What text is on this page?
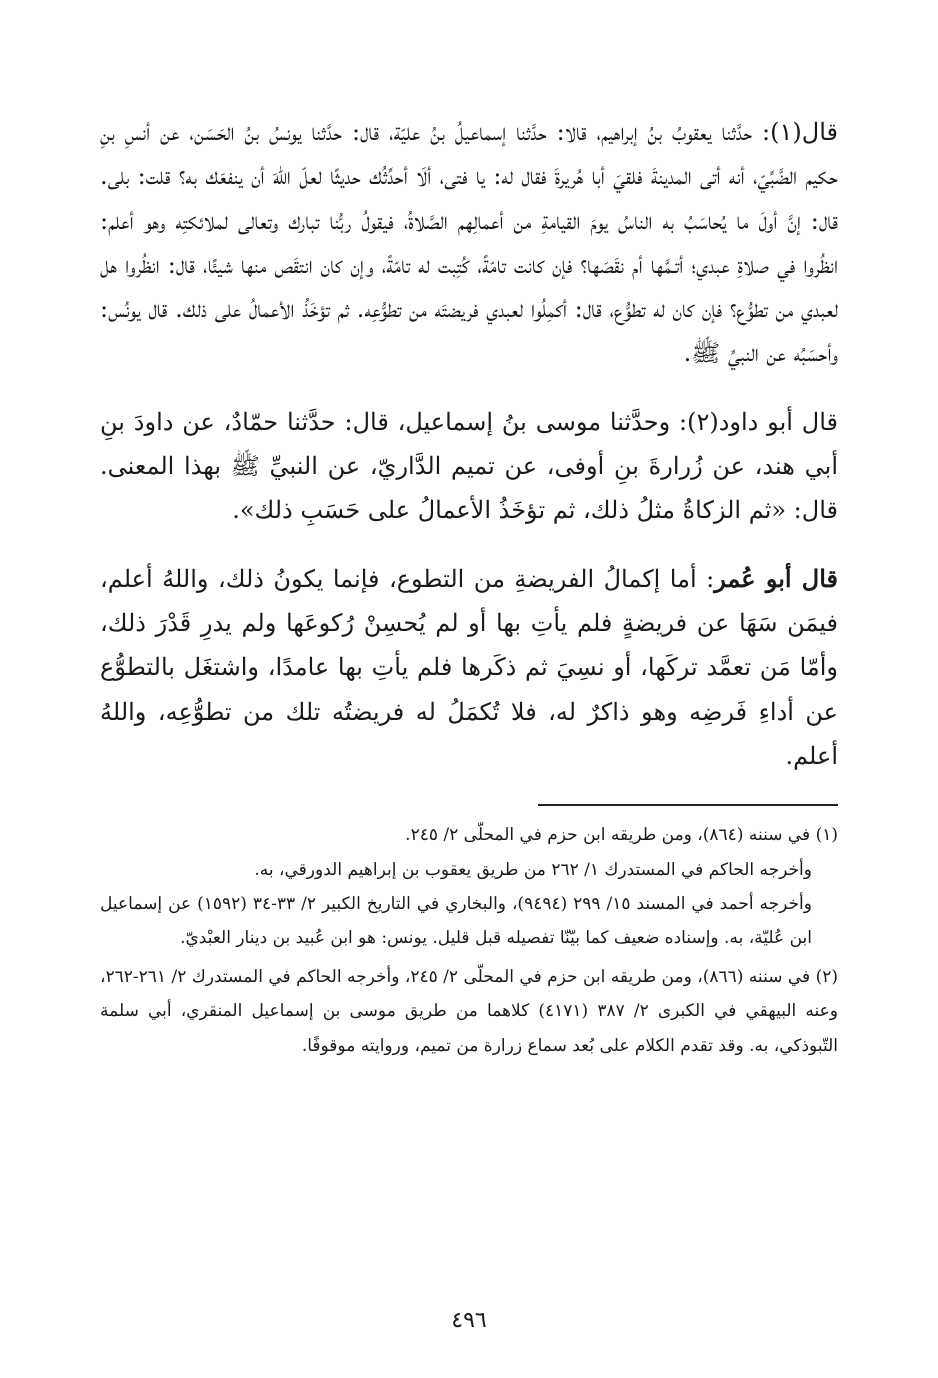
قال(١): حدَّثنا يعقوبُ بنُ إبراهيم، قالا: حدَّثنا إسماعيلُ بنُ عليّة، قال: حدَّثنا يونسُ بنُ الحَسَن، عن أنسِ بنِ حكيم الضَّبِّيّ، أنه أتى المدينةَ فلقيَ أبا هُريرةَ فقال له: يا فتى، ألَا أحدِّثُك حديثًا لعلّ اللهَ أن ينفعَك به؟ قلت: بلى. قال: إنَّ أولَ ما يُحاسَبُ به الناسُ يومَ القيامةِ من أعمالِهم الصَّلاةُ، فيقولُ ربُّنا تبارك وتعالى لملائكتِه وهو أعلم: انظُروا في صلاةِ عبدي؛ أتـمَّها أم نقَصَها؟ فإن كانت تامّةً، كُتِبت له تامّةً، وإن كان انتقَص منها شيئًا، قال: انظُروا هل لعبدي من تطوُّع؟ فإن كان له تطوُّع، قال: أكمِلُوا لعبدي فريضتَه من تطوُّعِه. ثم تؤخَذُ الأعمالُ على ذلك. قال يونُس: وأحسَبُه عن النبيِّ ﷺ.

قال أبو داود(٢): وحدَّثنا موسى بنُ إسماعيل، قال: حدَّثنا حمّادٌ، عن داودَ بنِ أبي هند، عن زُرارةَ بنِ أوفى، عن تميم الدَّاريّ، عن النبيِّ ﷺ بهذا المعنى. قال: «ثم الزكاةُ مثلُ ذلك، ثم تؤخَذُ الأعمالُ على حَسَبِ ذلك».

قال أبو عُمر: أما إكمالُ الفريضةِ من التطوع، فإنما يكونُ ذلك، واللهُ أعلم، فيمَن سَهَا عن فريضةٍ فلم يأتِ بها أو لم يُحسِنْ رُكوعَها ولم يدرِ قَدْرَ ذلك، وأمّا مَن تعمَّد تركَها، أو نسِيَ ثم ذكَرها فلم يأتِ بها عامدًا، واشتغَل بالتطوُّع عن أداءِ فَرضِه وهو ذاكرٌ له، فلا تُكمَلُ له فريضتُه تلك من تطوُّعِه، واللهُ أعلم.

(١) في سننه (٨٦٤)، ومن طريقه ابن حزم في المحلّى ٢/ ٢٤٥.
وأخرجه الحاكم في المستدرك ١/ ٢٦٢ من طريق يعقوب بن إبراهيم الدورقي، به.
وأخرجه أحمد في المسند ١٥/ ٢٩٩ (٩٤٩٤)، والبخاري في التاريخ الكبير ٢/ ٣٣-٣٤ (١٥٩٢) عن إسماعيل ابن عُليّة، به. وإسناده ضعيف كما بيّنّا تفصيله قبل قليل. يونس: هو ابن عُبيد بن دينار العبْديّ.
(٢) في سننه (٨٦٦)، ومن طريقه ابن حزم في المحلّى ٢/ ٢٤٥، وأخرجه الحاكم في المستدرك ٢/ ٢٦١-٢٦٢، وعنه البيهقي في الكبرى ٢/ ٣٨٧ (٤١٧١) كلاهما من طريق موسى بن إسماعيل المنقري، أبي سلمة التّبوذكي، به. وقد تقدم الكلام على بُعد سماع زرارة من تميم، وروايته موقوفًا.
٤٩٦
